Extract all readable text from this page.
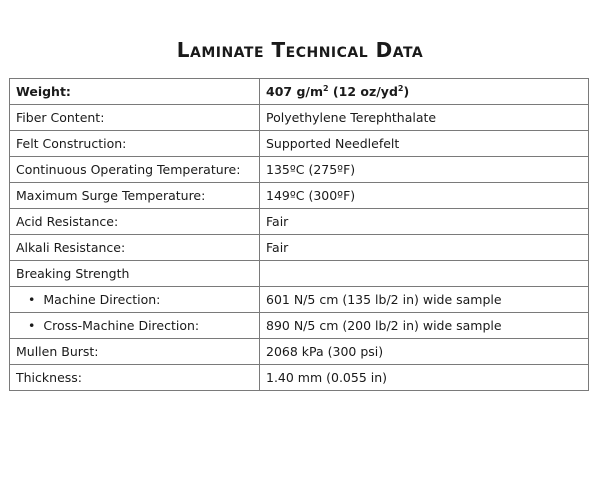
Laminate Technical Data
Weight:	407 $g/m^2$ (12 $oz/yd^2$)
Fiber Content:	Polyethylene Terephthalate
Felt Construction:	Supported Needlefelt
Continuous Operating Temperature:	135ºC (275ºF)
Maximum Surge Temperature:	149ºC (300ºF)
Acid Resistance:	Fair
Alkali Resistance:	Fair
Breaking Strength	
• Machine Direction:	601 N/5 cm (135 lb/2 in) wide sample
• Cross-Machine Direction:	890 N/5 cm (200 lb/2 in) wide sample
Mullen Burst:	2068 kPa (300 psi)
Thickness:	1.40 mm (0.055 in)
